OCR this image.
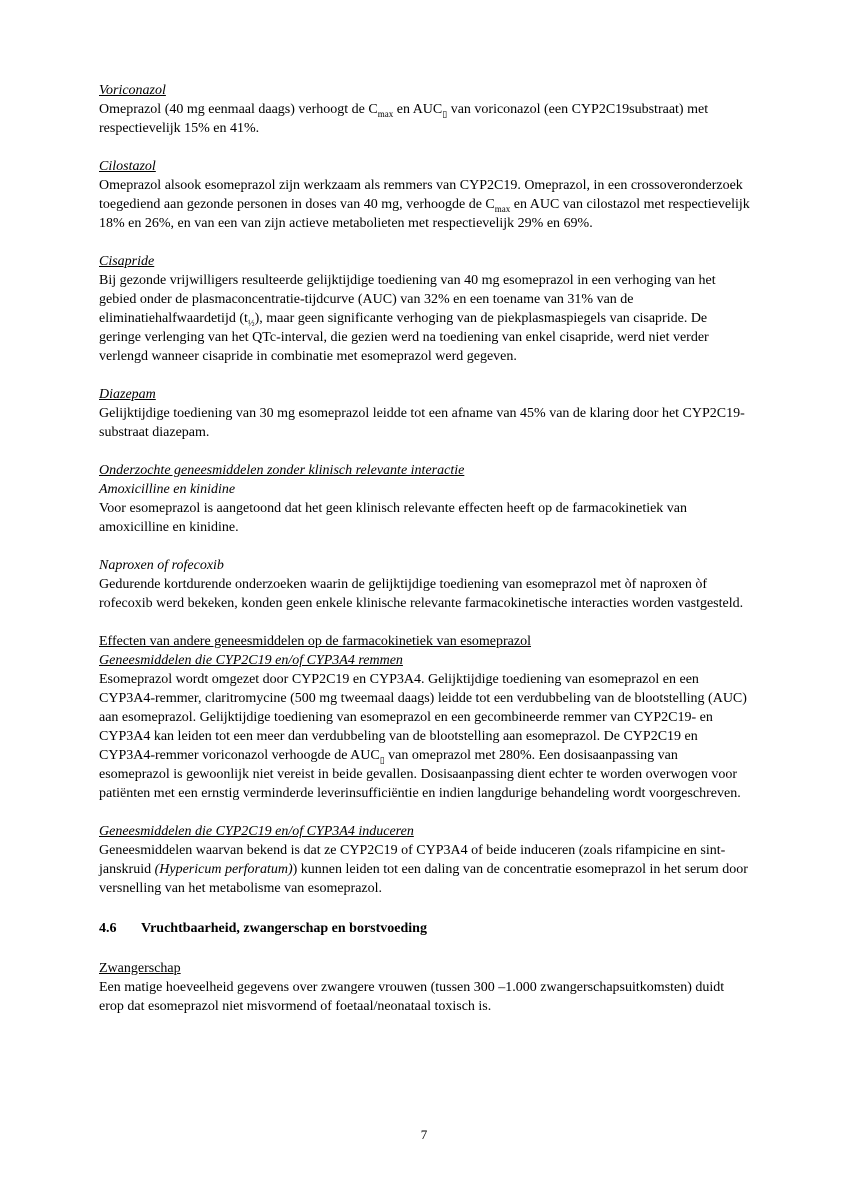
Voriconazol

Omeprazol (40 mg eenmaal daags) verhoogt de $C_{max}$ en $AUC_▯$ van voriconazol (een CYP2C19substraat) met respectievelijk 15% en 41%.

Cilostazol

Omeprazol alsook esomeprazol zijn werkzaam als remmers van CYP2C19. Omeprazol, in een crossoveronderzoek toegediend aan gezonde personen in doses van 40 mg, verhoogde de $C_{max}$ en AUC van cilostazol met respectievelijk 18% en 26%, en van een van zijn actieve metabolieten met respectievelijk 29% en 69%.

Cisapride

Bij gezonde vrijwilligers resulteerde gelijktijdige toediening van 40 mg esomeprazol in een verhoging van het gebied onder de plasmaconcentratie-tijdcurve (AUC) van 32% en een toename van 31% van de eliminatiehalfwaardetijd $(t_{\frac{1}{2}})$, maar geen significante verhoging van de piekplasmaspiegels van cisapride. De geringe verlenging van het QTc-interval, die gezien werd na toediening van enkel cisapride, werd niet verder verlengd wanneer cisapride in combinatie met esomeprazol werd gegeven.

Diazepam

Gelijktijdige toediening van 30 mg esomeprazol leidde tot een afname van 45% van de klaring door het CYP2C19-substraat diazepam.

Onderzochte geneesmiddelen zonder klinisch relevante interactie
Amoxicilline en kinidine

Voor esomeprazol is aangetoond dat het geen klinisch relevante effecten heeft op de farmacokinetiek van amoxicilline en kinidine.

Naproxen of rofecoxib

Gedurende kortdurende onderzoeken waarin de gelijktijdige toediening van esomeprazol met òf naproxen òf rofecoxib werd bekeken, konden geen enkele klinische relevante farmacokinetische interacties worden vastgesteld.

Effecten van andere geneesmiddelen op de farmacokinetiek van esomeprazol
Geneesmiddelen die CYP2C19 en/of CYP3A4 remmen

Esomeprazol wordt omgezet door CYP2C19 en CYP3A4. Gelijktijdige toediening van esomeprazol en een CYP3A4-remmer, claritromycine (500 mg tweemaal daags) leidde tot een verdubbeling van de blootstelling (AUC) aan esomeprazol. Gelijktijdige toediening van esomeprazol en een gecombineerde remmer van CYP2C19- en CYP3A4 kan leiden tot een meer dan verdubbeling van de blootstelling aan esomeprazol. De CYP2C19 en CYP3A4-remmer voriconazol verhoogde de $AUC_▯$ van omeprazol met 280%. Een dosisaanpassing van esomeprazol is gewoonlijk niet vereist in beide gevallen. Dosisaanpassing dient echter te worden overwogen voor patiënten met een ernstig verminderde leverinsufficiëntie en indien langdurige behandeling wordt voorgeschreven.

Geneesmiddelen die CYP2C19 en/of CYP3A4 induceren

Geneesmiddelen waarvan bekend is dat ze CYP2C19 of CYP3A4 of beide induceren (zoals rifampicine en sint-janskruid (Hypericum perforatum)) kunnen leiden tot een daling van de concentratie esomeprazol in het serum door versnelling van het metabolisme van esomeprazol.

4.6	Vruchtbaarheid, zwangerschap en borstvoeding
Zwangerschap

Een matige hoeveelheid gegevens over zwangere vrouwen (tussen 300 –1.000 zwangerschapsuitkomsten) duidt erop dat esomeprazol niet misvormend of foetaal/neonataal toxisch is.

7
